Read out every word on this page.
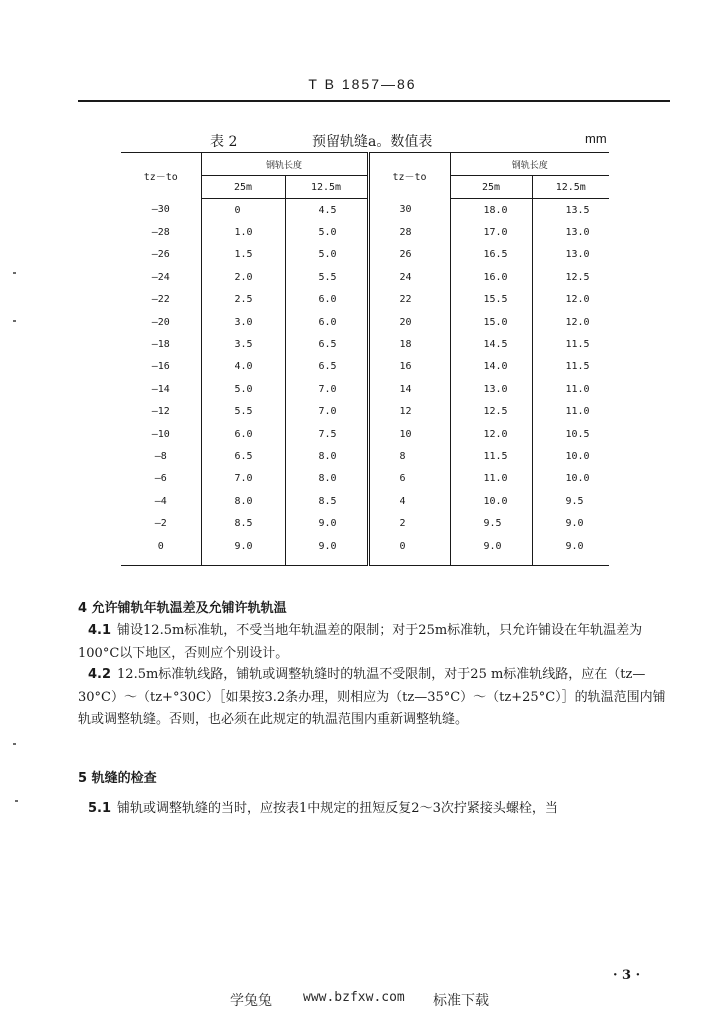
T B 1857—86
表 2	预留轨缝a。数值表	mm
tz－to	钢轨长度		tz－to	钢轨长度	
	25m	12.5m		25m	12.5m
—30	0	4.5	30	18.0	13.5
—28	1.0	5.0	28	17.0	13.0
—26	1.5	5.0	26	16.5	13.0
—24	2.0	5.5	24	16.0	12.5
—22	2.5	6.0	22	15.5	12.0
—20	3.0	6.0	20	15.0	12.0
—18	3.5	6.5	18	14.5	11.5
—16	4.0	6.5	16	14.0	11.5
—14	5.0	7.0	14	13.0	11.0
—12	5.5	7.0	12	12.5	11.0
—10	6.0	7.5	10	12.0	10.5
—8	6.5	8.0	8	11.5	10.0
—6	7.0	8.0	6	11.0	10.0
—4	8.0	8.5	4	10.0	9.5
—2	8.5	9.0	2	9.5	9.0
0	9.0	9.0	0	9.0	9.0
4 允许铺轨年轨温差及允铺许轨轨温
4.1 铺设12.5m标准轨，不受当地年轨温差的限制；对于25m标准轨，只允许铺设在年轨温差为100°C以下地区，否则应个别设计。
4.2 12.5m标准轨线路，铺轨或调整轨缝时的轨温不受限制，对于25 m标准轨线路，应在（tz—30°C）～（tz+°30C）［如果按3.2条办理，则相应为（tz—35°C）～（tz+25°C）］的轨温范围内铺轨或调整轨缝。否则，也必须在此规定的轨温范围内重新调整轨缝。
5 轨缝的检查
5.1 铺轨或调整轨缝的当时，应按表1中规定的扭短反复2～3次拧紧接头螺栓，当
· 3 ·
学兔兔 www.bzfxw.com 标准下载
